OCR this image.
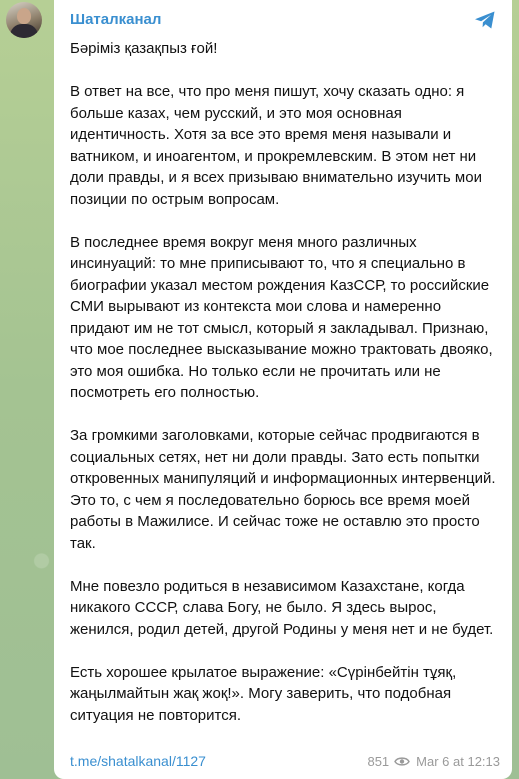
Шаталканал

Бәріміз қазақпыз ғой!

В ответ на все, что про меня пишут, хочу сказать одно: я больше казах, чем русский, и это моя основная идентичность. Хотя за все это время меня называли и ватником, и иноагентом, и прокремлевским. В этом нет ни доли правды, и я всех призываю внимательно изучить мои позиции по острым вопросам.

В последнее время вокруг меня много различных инсинуаций: то мне приписывают то, что я специально в биографии указал местом рождения КазССР, то российские СМИ вырывают из контекста мои слова и намеренно придают им не тот смысл, который я закладывал. Признаю, что мое последнее высказывание можно трактовать двояко, это моя ошибка. Но только если не прочитать или не посмотреть его полностью.

За громкими заголовками, которые сейчас продвигаются в социальных сетях, нет ни доли правды. Зато есть попытки откровенных манипуляций и информационных интервенций. Это то, с чем я последовательно борюсь все время моей работы в Мажилисе. И сейчас тоже не оставлю это просто так.

Мне повезло родиться в независимом Казахстане, когда никакого СССР, слава Богу, не было. Я здесь вырос, женился, родил детей, другой Родины у меня нет и не будет.

Есть хорошее крылатое выражение: «Сүрінбейтін тұяқ, жаңылмайтын жақ жоқ!». Могу заверить, что подобная ситуация не повторится.

t.me/shatalkanal/1127	851 Mar 6 at 12:13
